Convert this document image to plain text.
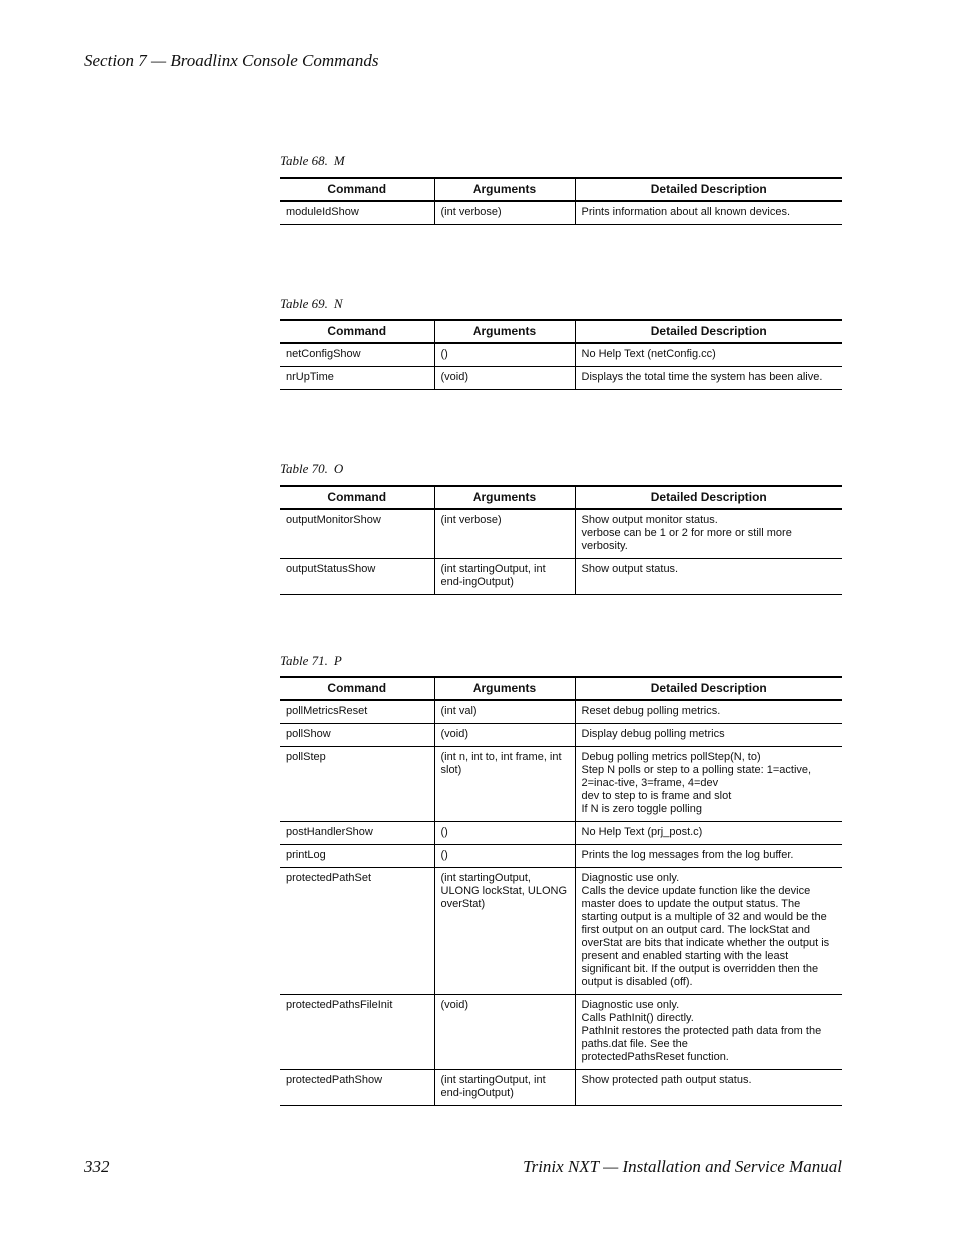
Section 7 — Broadlinx Console Commands
Table 68. M
Command	Arguments	Detailed Description
moduleIdShow	(int verbose)	Prints information about all known devices.
Table 69. N
Command	Arguments	Detailed Description
netConfigShow	()	No Help Text (netConfig.cc)

nrUpTime	(void)	Displays the total time the system has been alive.
Table 70. O
Command	Arguments	Detailed Description
outputMonitorShow	(int verbose)	Show output monitor status.
verbose can be 1 or 2 for more or still more verbosity.

outputStatusShow	(int startingOutput, int end-ingOutput)	Show output status.
Table 71. P
Command	Arguments	Detailed Description
pollMetricsReset	(int val)	Reset debug polling metrics.

pollShow	(void)	Display debug polling metrics

pollStep	(int n, int to, int frame, int slot)	Debug polling metrics pollStep(N, to)
Step N polls or step to a polling state: 1=active, 2=inac-tive, 3=frame, 4=dev
dev to step to is frame and slot
If N is zero toggle polling

postHandlerShow	()	No Help Text (prj_post.c)

printLog	()	Prints the log messages from the log buffer.

protectedPathSet	(int startingOutput, ULONG lockStat, ULONG overStat)	Diagnostic use only.
Calls the device update function like the device master does to update the output status. The starting output is a multiple of 32 and would be the first output on an output card. The lockStat and overStat are bits that indicate whether the output is present and enabled starting with the least significant bit. If the output is overridden then the output is disabled (off).

protectedPathsFileInit	(void)	Diagnostic use only.
Calls PathInit() directly.
PathInit restores the protected path data from the paths.dat file. See the
protectedPathsReset function.

protectedPathShow	(int startingOutput, int end-ingOutput)	Show protected path output status.
332	Trinix NXT — Installation and Service Manual
